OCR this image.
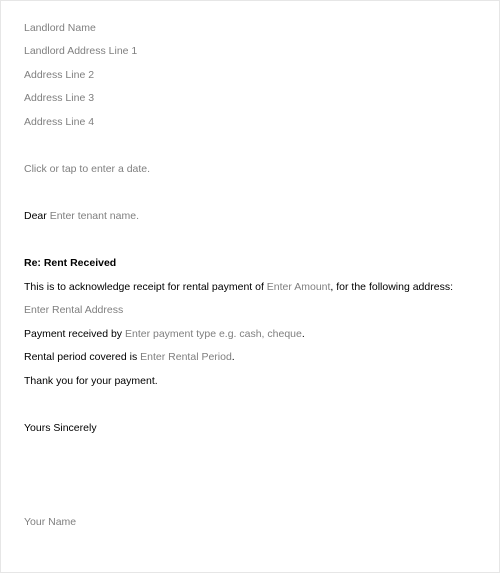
Landlord Name
Landlord Address Line 1
Address Line 2
Address Line 3
Address Line 4
Click or tap to enter a date.
Dear Enter tenant name.
Re: Rent Received
This is to acknowledge receipt for rental payment of Enter Amount, for the following address:
Enter Rental Address
Payment received by Enter payment type e.g. cash, cheque.
Rental period covered is Enter Rental Period.
Thank you for your payment.
Yours Sincerely
Your Name
